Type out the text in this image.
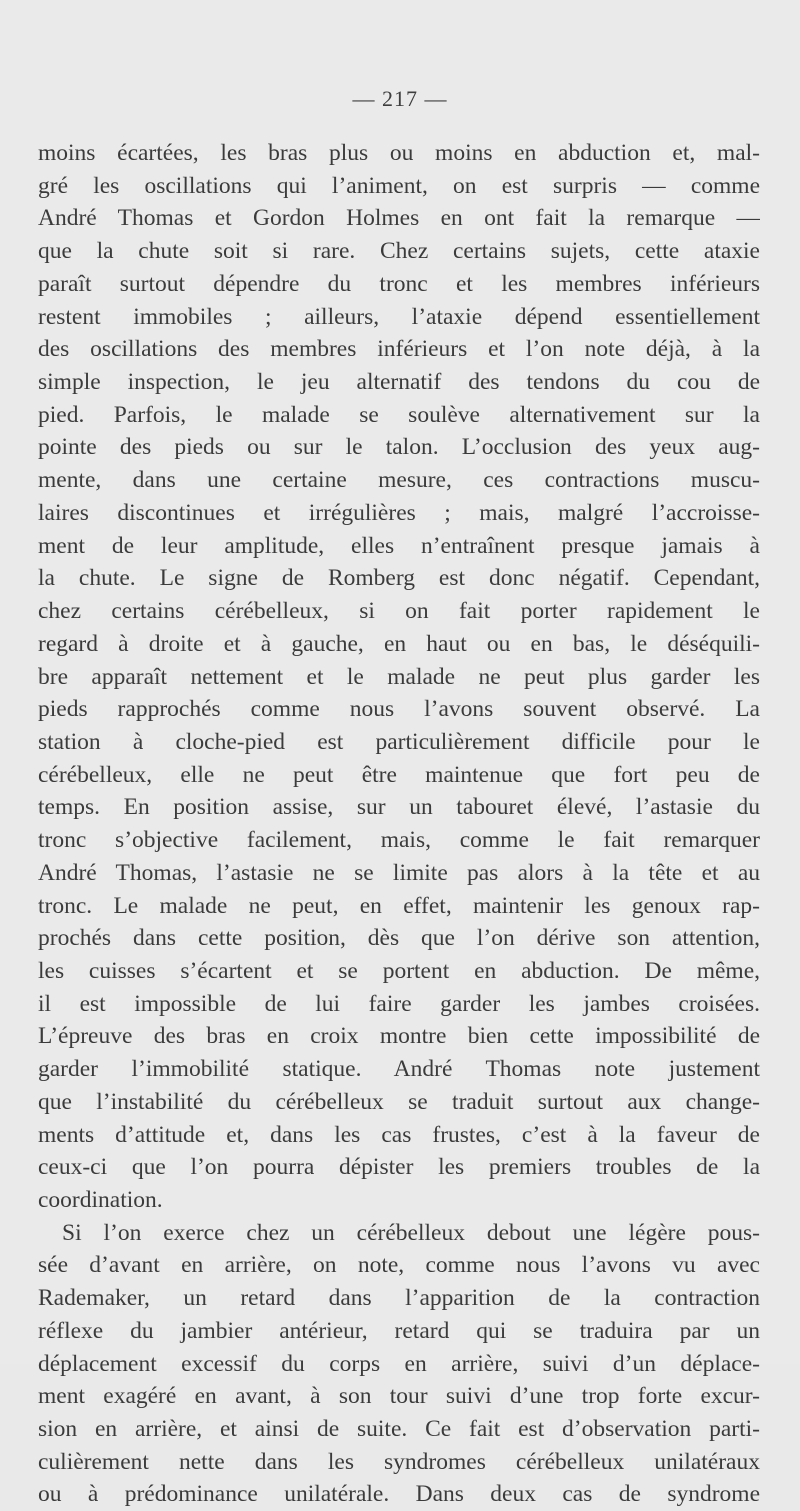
— 217 —
moins écartées, les bras plus ou moins en abduction et, mal-
gré les oscillations qui l’animent, on est surpris — comme
André Thomas et Gordon Holmes en ont fait la remarque —
que la chute soit si rare. Chez certains sujets, cette ataxie
paraît surtout dépendre du tronc et les membres inférieurs
restent immobiles ; ailleurs, l’ataxie dépend essentiellement
des oscillations des membres inférieurs et l’on note déjà, à la
simple inspection, le jeu alternatif des tendons du cou de
pied. Parfois, le malade se soulève alternativement sur la
pointe des pieds ou sur le talon. L’occlusion des yeux aug-
mente, dans une certaine mesure, ces contractions muscu-
laires discontinues et irrégulières ; mais, malgré l’accroisse-
ment de leur amplitude, elles n’entraînent presque jamais à
la chute. Le signe de Romberg est donc négatif. Cependant,
chez certains cérébelleux, si on fait porter rapidement le
regard à droite et à gauche, en haut ou en bas, le déséquili-
bre apparaît nettement et le malade ne peut plus garder les
pieds rapprochés comme nous l’avons souvent observé. La
station à cloche-pied est particulièrement difficile pour le
cérébelleux, elle ne peut être maintenue que fort peu de
temps. En position assise, sur un tabouret élevé, l’astasie du
tronc s’objective facilement, mais, comme le fait remarquer
André Thomas, l’astasie ne se limite pas alors à la tête et au
tronc. Le malade ne peut, en effet, maintenir les genoux rap-
prochés dans cette position, dès que l’on dérive son attention,
les cuisses s’écartent et se portent en abduction. De même,
il est impossible de lui faire garder les jambes croisées.
L’épreuve des bras en croix montre bien cette impossibilité de
garder l’immobilité statique. André Thomas note justement
que l’instabilité du cérébelleux se traduit surtout aux change-
ments d’attitude et, dans les cas frustes, c’est à la faveur de
ceux-ci que l’on pourra dépister les premiers troubles de la
coordination.
Si l’on exerce chez un cérébelleux debout une légère pous-
sée d’avant en arrière, on note, comme nous l’avons vu avec
Rademaker, un retard dans l’apparition de la contraction
réflexe du jambier antérieur, retard qui se traduira par un
déplacement excessif du corps en arrière, suivi d’un déplace-
ment exagéré en avant, à son tour suivi d’une trop forte excur-
sion en arrière, et ainsi de suite. Ce fait est d’observation parti-
culièrement nette dans les syndromes cérébelleux unilatéraux
ou à prédominance unilatérale. Dans deux cas de syndrome
